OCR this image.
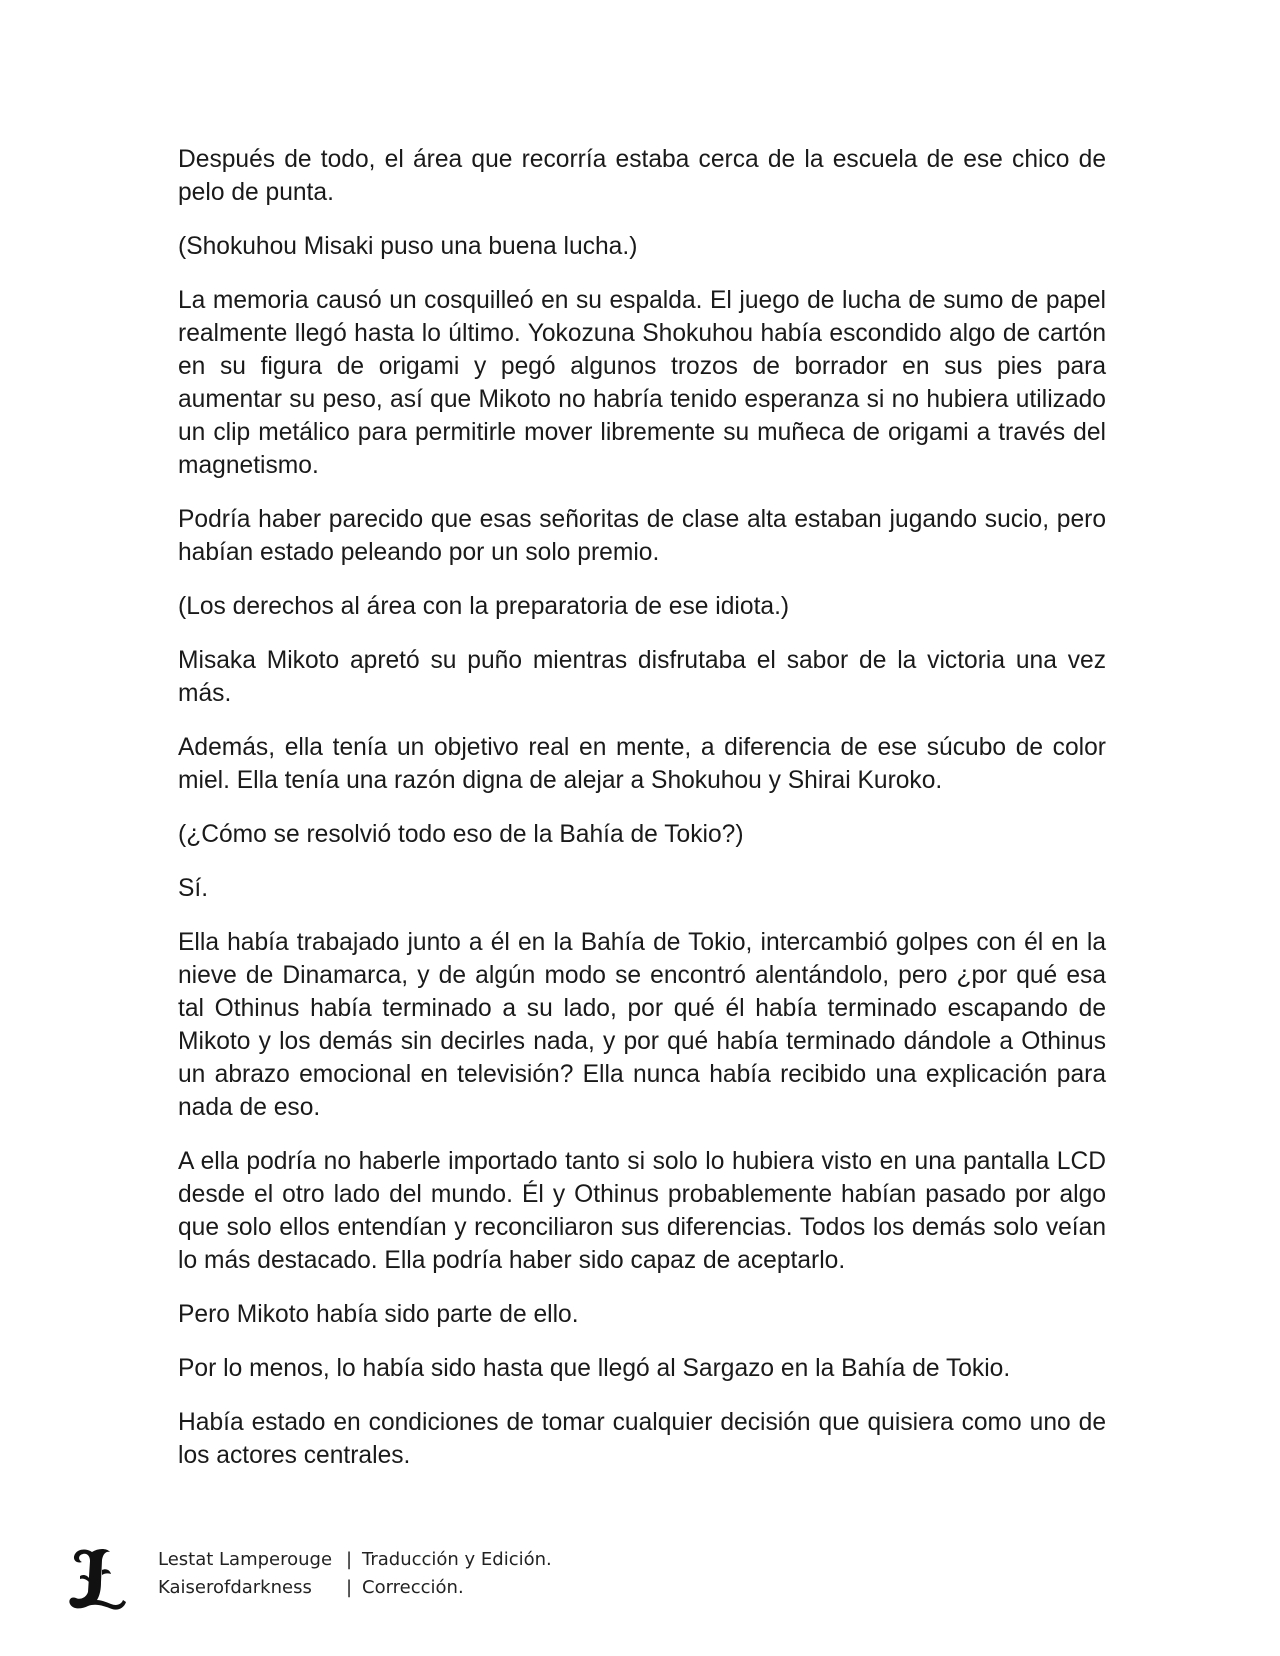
Después de todo, el área que recorría estaba cerca de la escuela de ese chico de pelo de punta.

(Shokuhou Misaki puso una buena lucha.)

La memoria causó un cosquilleó en su espalda. El juego de lucha de sumo de papel realmente llegó hasta lo último. Yokozuna Shokuhou había escondido algo de cartón en su figura de origami y pegó algunos trozos de borrador en sus pies para aumentar su peso, así que Mikoto no habría tenido esperanza si no hubiera utilizado un clip metálico para permitirle mover libremente su muñeca de origami a través del magnetismo.

Podría haber parecido que esas señoritas de clase alta estaban jugando sucio, pero habían estado peleando por un solo premio.

(Los derechos al área con la preparatoria de ese idiota.)

Misaka Mikoto apretó su puño mientras disfrutaba el sabor de la victoria una vez más.

Además, ella tenía un objetivo real en mente, a diferencia de ese súcubo de color miel. Ella tenía una razón digna de alejar a Shokuhou y Shirai Kuroko.

(¿Cómo se resolvió todo eso de la Bahía de Tokio?)

Sí.

Ella había trabajado junto a él en la Bahía de Tokio, intercambió golpes con él en la nieve de Dinamarca, y de algún modo se encontró alentándolo, pero ¿por qué esa tal Othinus había terminado a su lado, por qué él había terminado escapando de Mikoto y los demás sin decirles nada, y por qué había terminado dándole a Othinus un abrazo emocional en televisión? Ella nunca había recibido una explicación para nada de eso.

A ella podría no haberle importado tanto si solo lo hubiera visto en una pantalla LCD desde el otro lado del mundo. Él y Othinus probablemente habían pasado por algo que solo ellos entendían y reconciliaron sus diferencias. Todos los demás solo veían lo más destacado. Ella podría haber sido capaz de aceptarlo.

Pero Mikoto había sido parte de ello.

Por lo menos, lo había sido hasta que llegó al Sargazo en la Bahía de Tokio.

Había estado en condiciones de tomar cualquier decisión que quisiera como uno de los actores centrales.

Lestat Lamperouge | Traducción y Edición.
Kaiserofdarkness	| Corrección.
